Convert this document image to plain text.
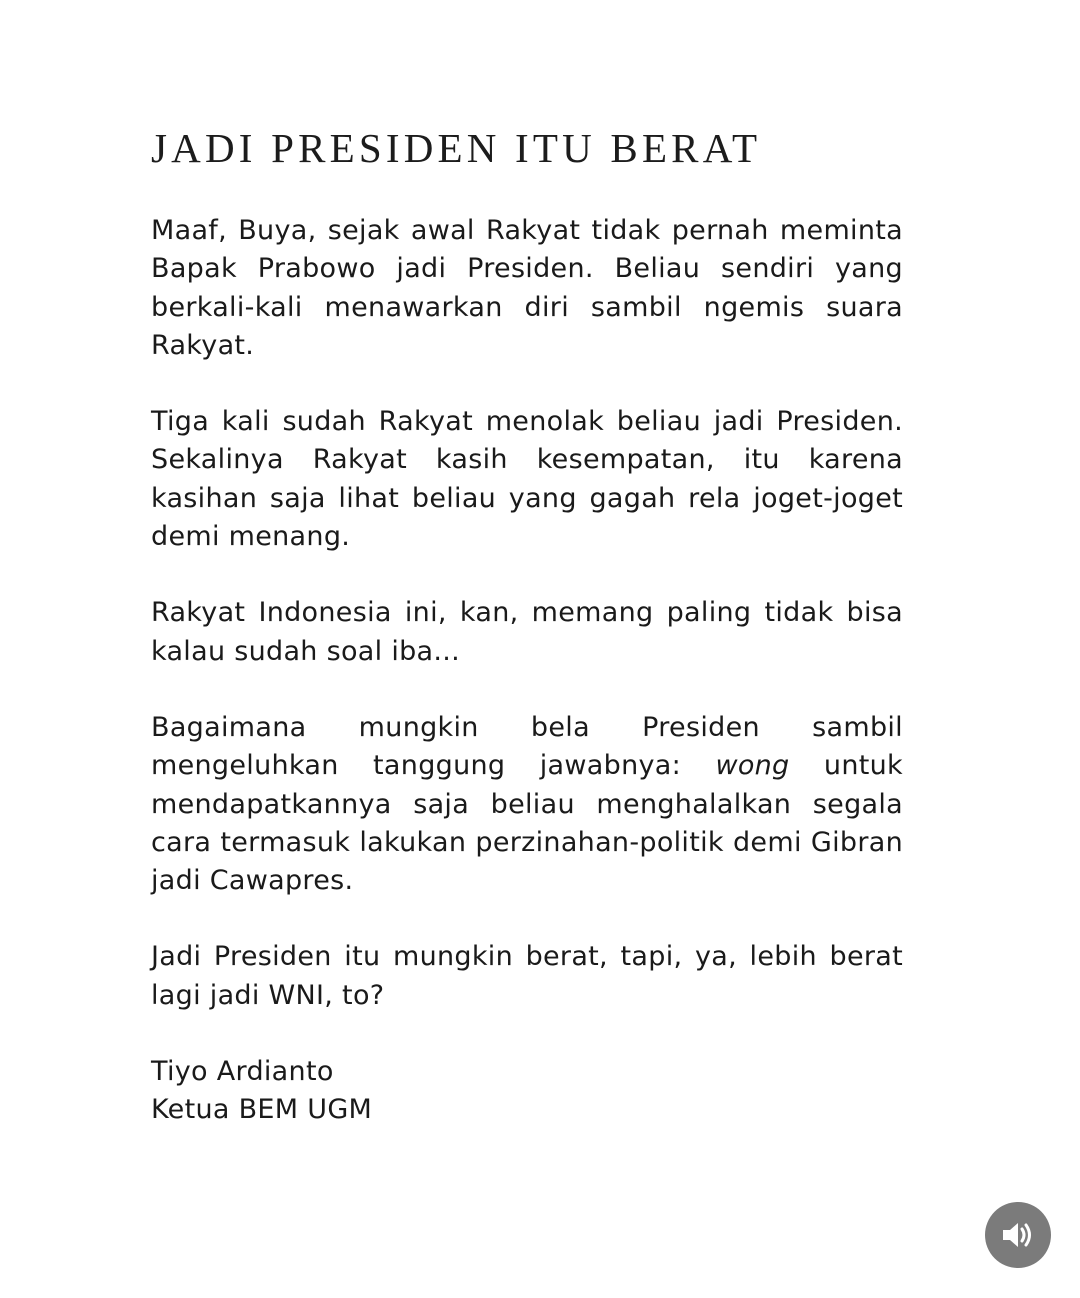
JADI PRESIDEN ITU BERAT

Maaf, Buya, sejak awal Rakyat tidak pernah meminta Bapak Prabowo jadi Presiden. Beliau sendiri yang berkali-kali menawarkan diri sambil ngemis suara Rakyat.

Tiga kali sudah Rakyat menolak beliau jadi Presiden. Sekalinya Rakyat kasih kesempatan, itu karena kasihan saja lihat beliau yang gagah rela joget-joget demi menang.

Rakyat Indonesia ini, kan, memang paling tidak bisa kalau sudah soal iba...

Bagaimana mungkin bela Presiden sambil mengeluhkan tanggung jawabnya: wong untuk mendapatkannya saja beliau menghalalkan segala cara termasuk lakukan perzinahan-politik demi Gibran jadi Cawapres.

Jadi Presiden itu mungkin berat, tapi, ya, lebih berat lagi jadi WNI, to?

Tiyo Ardianto
Ketua BEM UGM
